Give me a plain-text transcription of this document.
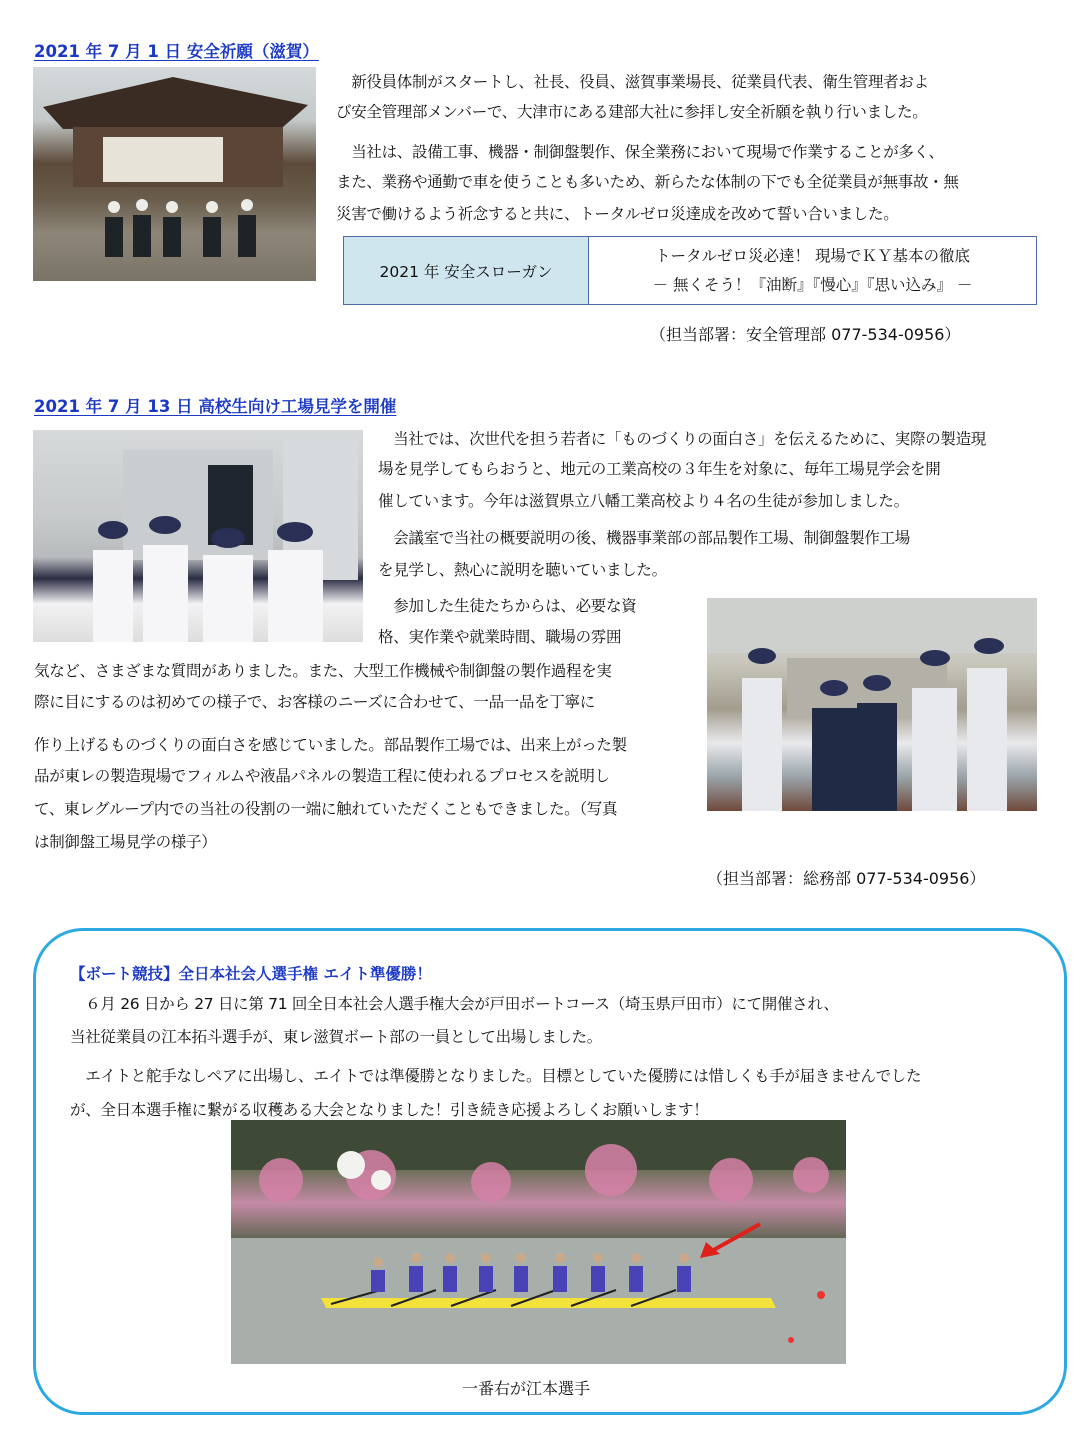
2021 年 7 月 1 日 安全祈願（滋賀）
　新役員体制がスタートし、社長、役員、滋賀事業場長、従業員代表、衛生管理者およ
び安全管理部メンバーで、大津市にある建部大社に参拝し安全祈願を執り行いました。
　当社は、設備工事、機器・制御盤製作、保全業務において現場で作業することが多く、
また、業務や通勤で車を使うことも多いため、新らたな体制の下でも全従業員が無事故・無
災害で働けるよう祈念すると共に、トータルゼロ災達成を改めて誓い合いました。
2021 年 安全スローガン
トータルゼロ災必達！ 現場でＫＹ基本の徹底
－ 無くそう！『油断』『慢心』『思い込み』 －
（担当部署：安全管理部 077-534-0956）
2021 年 7 月 13 日 高校生向け工場見学を開催
　当社では、次世代を担う若者に「ものづくりの面白さ」を伝えるために、実際の製造現
場を見学してもらおうと、地元の工業高校の３年生を対象に、毎年工場見学会を開
催しています。今年は滋賀県立八幡工業高校より４名の生徒が参加しました。
　会議室で当社の概要説明の後、機器事業部の部品製作工場、制御盤製作工場
を見学し、熱心に説明を聴いていました。
　参加した生徒たちからは、必要な資
格、実作業や就業時間、職場の雰囲
気など、さまざまな質問がありました。また、大型工作機械や制御盤の製作過程を実
際に目にするのは初めての様子で、お客様のニーズに合わせて、一品一品を丁寧に
作り上げるものづくりの面白さを感じていました。部品製作工場では、出来上がった製
品が東レの製造現場でフィルムや液晶パネルの製造工程に使われるプロセスを説明し
て、東レグループ内での当社の役割の一端に触れていただくこともできました。（写真
は制御盤工場見学の様子）
（担当部署：総務部 077-534-0956）
【ボート競技】全日本社会人選手権 エイト準優勝！
　６月 26 日から 27 日に第 71 回全日本社会人選手権大会が戸田ボートコース（埼玉県戸田市）にて開催され、
当社従業員の江本拓斗選手が、東レ滋賀ボート部の一員として出場しました。
　エイトと舵手なしペアに出場し、エイトでは準優勝となりました。目標としていた優勝には惜しくも手が届きませんでした
が、全日本選手権に繋がる収穫ある大会となりました！引き続き応援よろしくお願いします！
一番右が江本選手
